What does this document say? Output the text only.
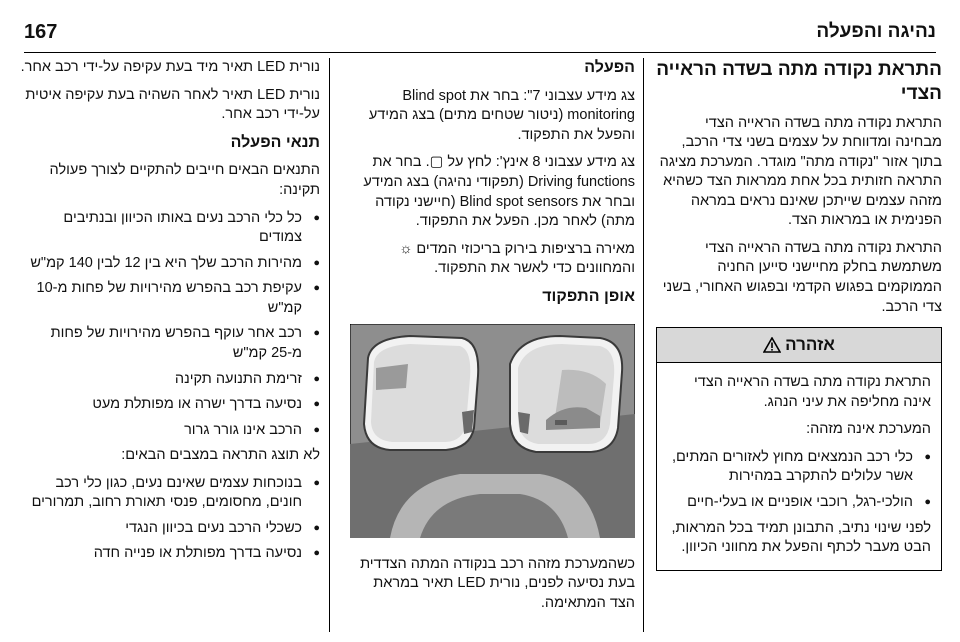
נהיגה והפעלה
167
התראת נקודה מתה בשדה הראייה הצדי

התראת נקודה מתה בשדה הראייה הצדי מבחינה ומדווחת על עצמים בשני צדי הרכב, בתוך אזור "נקודה מתה" מוגדר. המערכת מציגה התראה חזותית בכל אחת ממראות הצד כשהיא מזהה עצמים שייתכן שאינם נראים במראה הפנימית או במראות הצד.

התראת נקודה מתה בשדה הראייה הצדי משתמשת בחלק מחיישני סייען החניה הממוקמים בפגוש הקדמי ובפגוש האחורי, בשני צדי הרכב.

אזהרה

התראת נקודה מתה בשדה הראייה הצדי אינה מחליפה את עיני הנהג.

המערכת אינה מזהה:

● כלי רכב הנמצאים מחוץ לאזורים המתים, אשר עלולים להתקרב במהירות
● הולכי-רגל, רוכבי אופניים או בעלי-חיים

לפני שינוי נתיב, התבונן תמיד בכל המראות, הבט מעבר לכתף והפעל את מחווני הכיוון.

הפעלה

צג מידע עצבוני 7": בחר את Blind spot monitoring (ניטור שטחים מתים) בצג המידע והפעל את התפקוד.

צג מידע עצבוני 8 אינץ': לחץ על ▢. בחר את Driving functions (תפקודי נהיגה) בצג המידע ובחר את Blind spot sensors (חיישני נקודה מתה) לאחר מכן. הפעל את התפקוד.

מאירה ברציפות בירוק בריכוזי המדים ☼ והמחוונים כדי לאשר את התפקוד.

אופן התפקוד

כשהמערכת מזהה רכב בנקודה המתה הצדדית בעת נסיעה לפנים, נורית LED תאיר במראת הצד המתאימה.

נורית LED תאיר מיד בעת עקיפה על-ידי רכב אחר.

נורית LED תאיר לאחר השהיה בעת עקיפה איטית על-ידי רכב אחר.

תנאי הפעלה

התנאים הבאים חייבים להתקיים לצורך פעולה תקינה:

● כל כלי הרכב נעים באותו הכיוון ובנתיבים צמודים
● מהירות הרכב שלך היא בין 12 לבין 140 קמ"ש
● עקיפת רכב בהפרש מהירויות של פחות מ-10 קמ"ש
● רכב אחר עוקף בהפרש מהירויות של פחות מ-25 קמ"ש
● זרימת התנועה תקינה
● נסיעה בדרך ישרה או מפותלת מעט
● הרכב אינו גורר גרור

לא תוצג התראה במצבים הבאים:

● בנוכחות עצמים שאינם נעים, כגון כלי רכב חונים, מחסומים, פנסי תאורת רחוב, תמרורים
● כשכלי הרכב נעים בכיוון הנגדי
● נסיעה בדרך מפותלת או פנייה חדה
